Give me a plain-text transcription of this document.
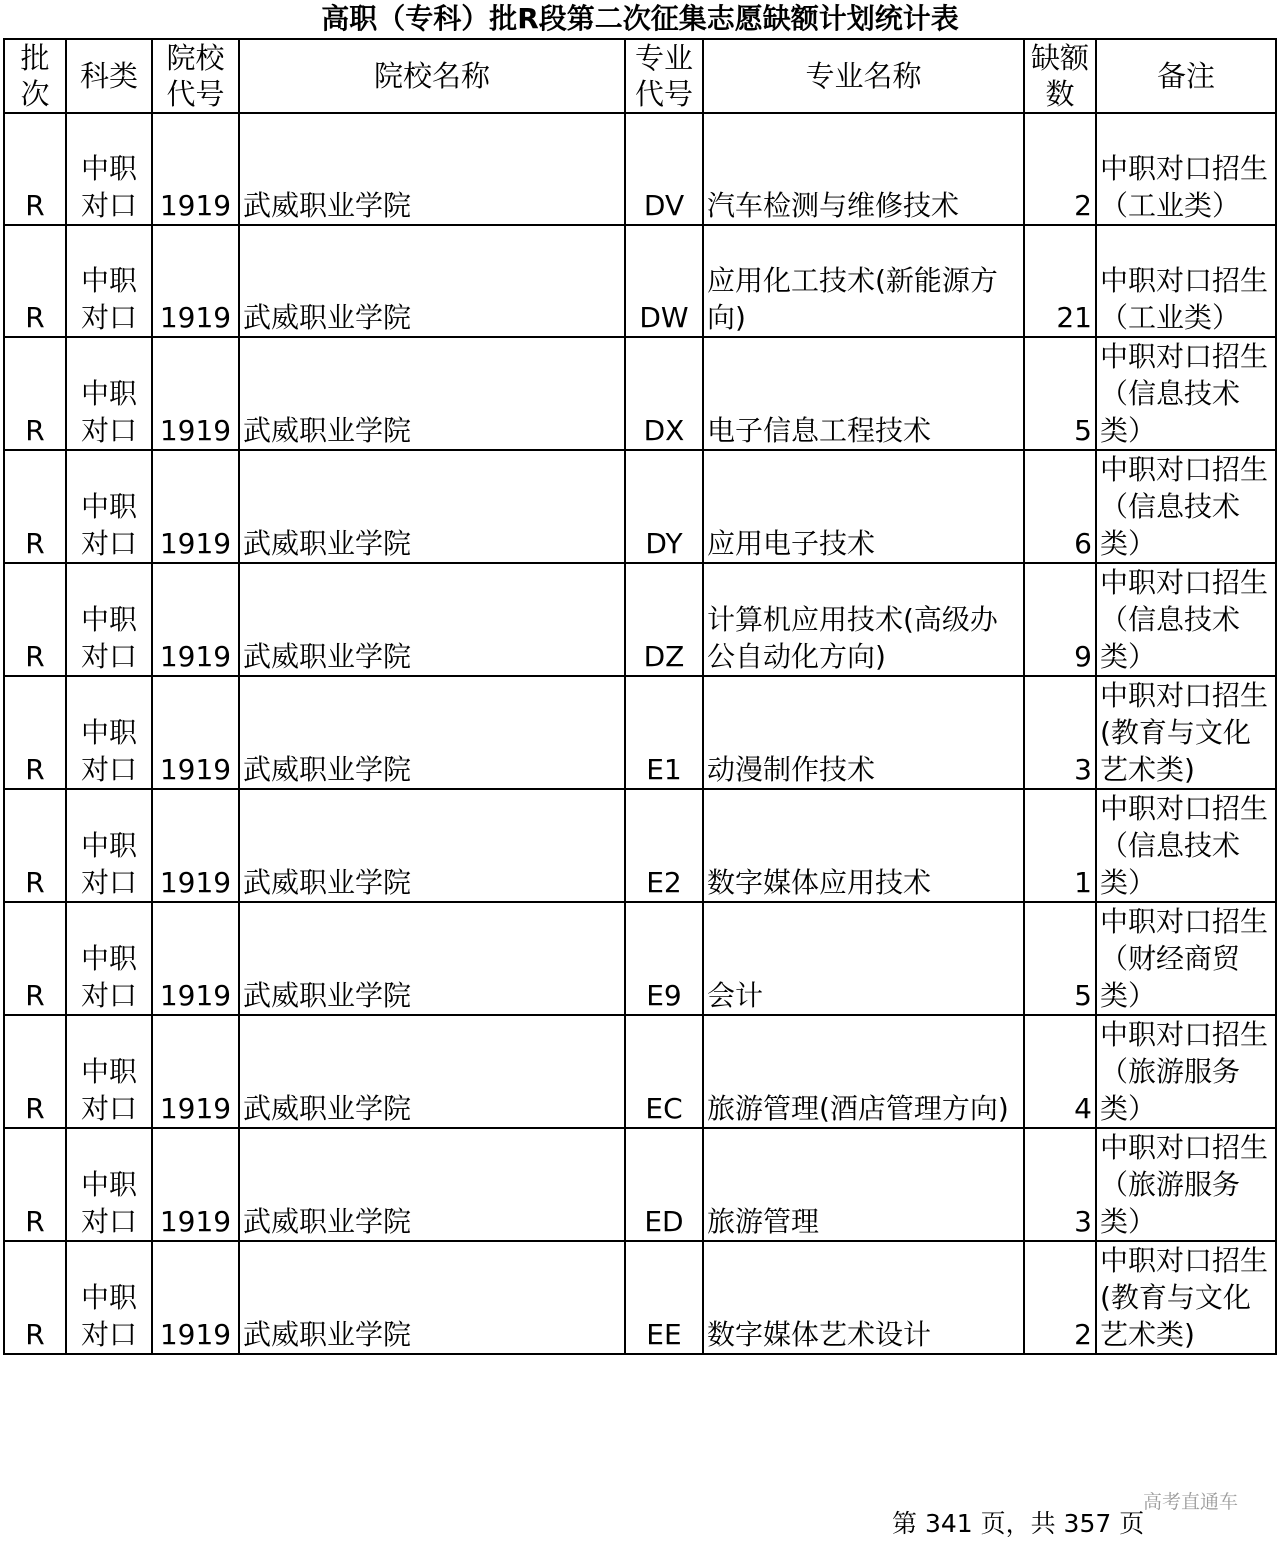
高职（专科）批R段第二次征集志愿缺额计划统计表
批次	科类	院校代号	院校名称	专业代号	专业名称	缺额数	备注
R	中职对口	1919	武威职业学院	DV	汽车检测与维修技术	2	中职对口招生（工业类）
R	中职对口	1919	武威职业学院	DW	应用化工技术(新能源方向)	21	中职对口招生（工业类）
R	中职对口	1919	武威职业学院	DX	电子信息工程技术	5	中职对口招生（信息技术类）
R	中职对口	1919	武威职业学院	DY	应用电子技术	6	中职对口招生（信息技术类）
R	中职对口	1919	武威职业学院	DZ	计算机应用技术(高级办公自动化方向)	9	中职对口招生（信息技术类）
R	中职对口	1919	武威职业学院	E1	动漫制作技术	3	中职对口招生(教育与文化艺术类)
R	中职对口	1919	武威职业学院	E2	数字媒体应用技术	1	中职对口招生（信息技术类）
R	中职对口	1919	武威职业学院	E9	会计	5	中职对口招生（财经商贸类）
R	中职对口	1919	武威职业学院	EC	旅游管理(酒店管理方向)	4	中职对口招生（旅游服务类）
R	中职对口	1919	武威职业学院	ED	旅游管理	3	中职对口招生（旅游服务类）
R	中职对口	1919	武威职业学院	EE	数字媒体艺术设计	2	中职对口招生(教育与文化艺术类)
高考直通车
第 341 页，共 357 页
